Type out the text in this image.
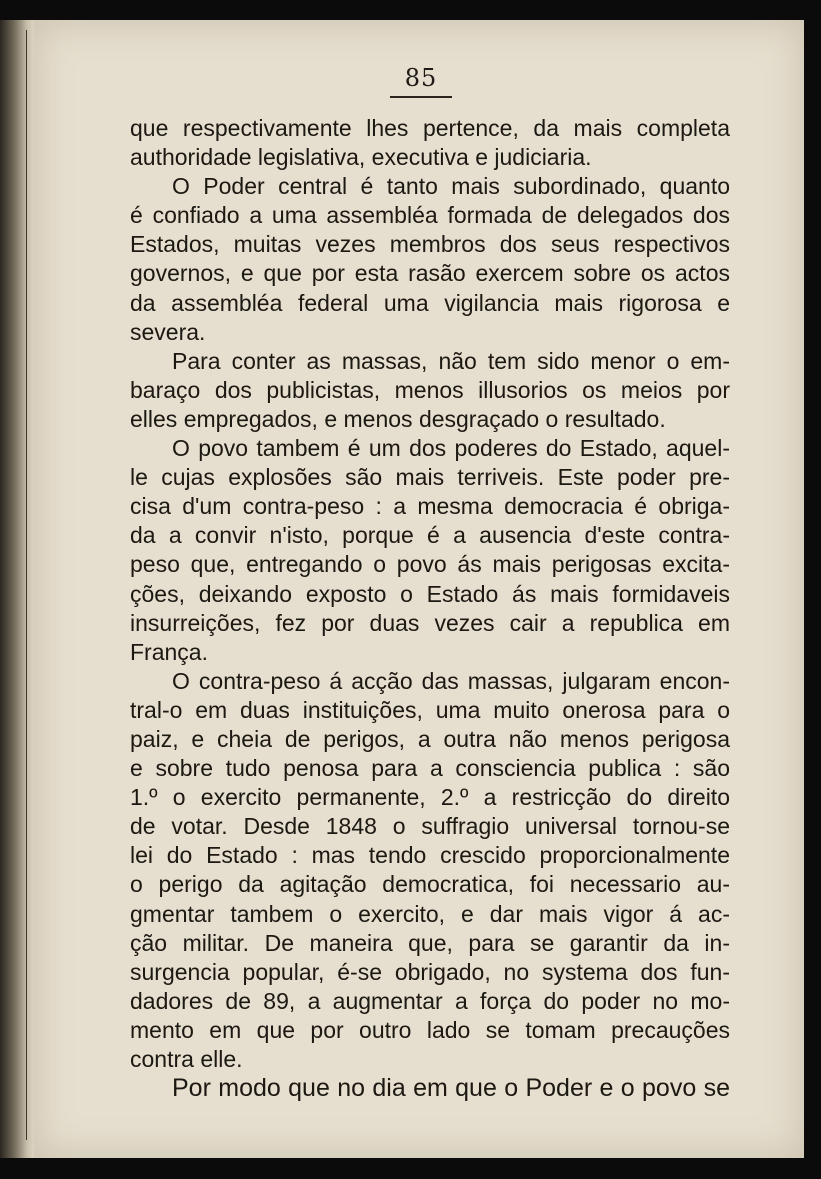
85
que respectivamente lhes pertence, da mais completa
authoridade legislativa, executiva e judiciaria.
O Poder central é tanto mais subordinado, quanto
é confiado a uma assembléa formada de delegados dos
Estados, muitas vezes membros dos seus respectivos
governos, e que por esta rasão exercem sobre os actos
da assembléa federal uma vigilancia mais rigorosa e
severa.
Para conter as massas, não tem sido menor o em-
baraço dos publicistas, menos illusorios os meios por
elles empregados, e menos desgraçado o resultado.
O povo tambem é um dos poderes do Estado, aquel-
le cujas explosões são mais terriveis. Este poder pre-
cisa d'um contra-peso : a mesma democracia é obriga-
da a convir n'isto, porque é a ausencia d'este contra-
peso que, entregando o povo ás mais perigosas excita-
ções, deixando exposto o Estado ás mais formidaveis
insurreições, fez por duas vezes cair a republica em
França.
O contra-peso á acção das massas, julgaram encon-
tral-o em duas instituições, uma muito onerosa para o
paiz, e cheia de perigos, a outra não menos perigosa
e sobre tudo penosa para a consciencia publica : são
1.º o exercito permanente, 2.º a restricção do direito
de votar. Desde 1848 o suffragio universal tornou-se
lei do Estado : mas tendo crescido proporcionalmente
o perigo da agitação democratica, foi necessario au-
gmentar tambem o exercito, e dar mais vigor á ac-
ção militar. De maneira que, para se garantir da in-
surgencia popular, é-se obrigado, no systema dos fun-
dadores de 89, a augmentar a força do poder no mo-
mento em que por outro lado se tomam precauções
contra elle.
Por modo que no dia em que o Poder e o povo se
